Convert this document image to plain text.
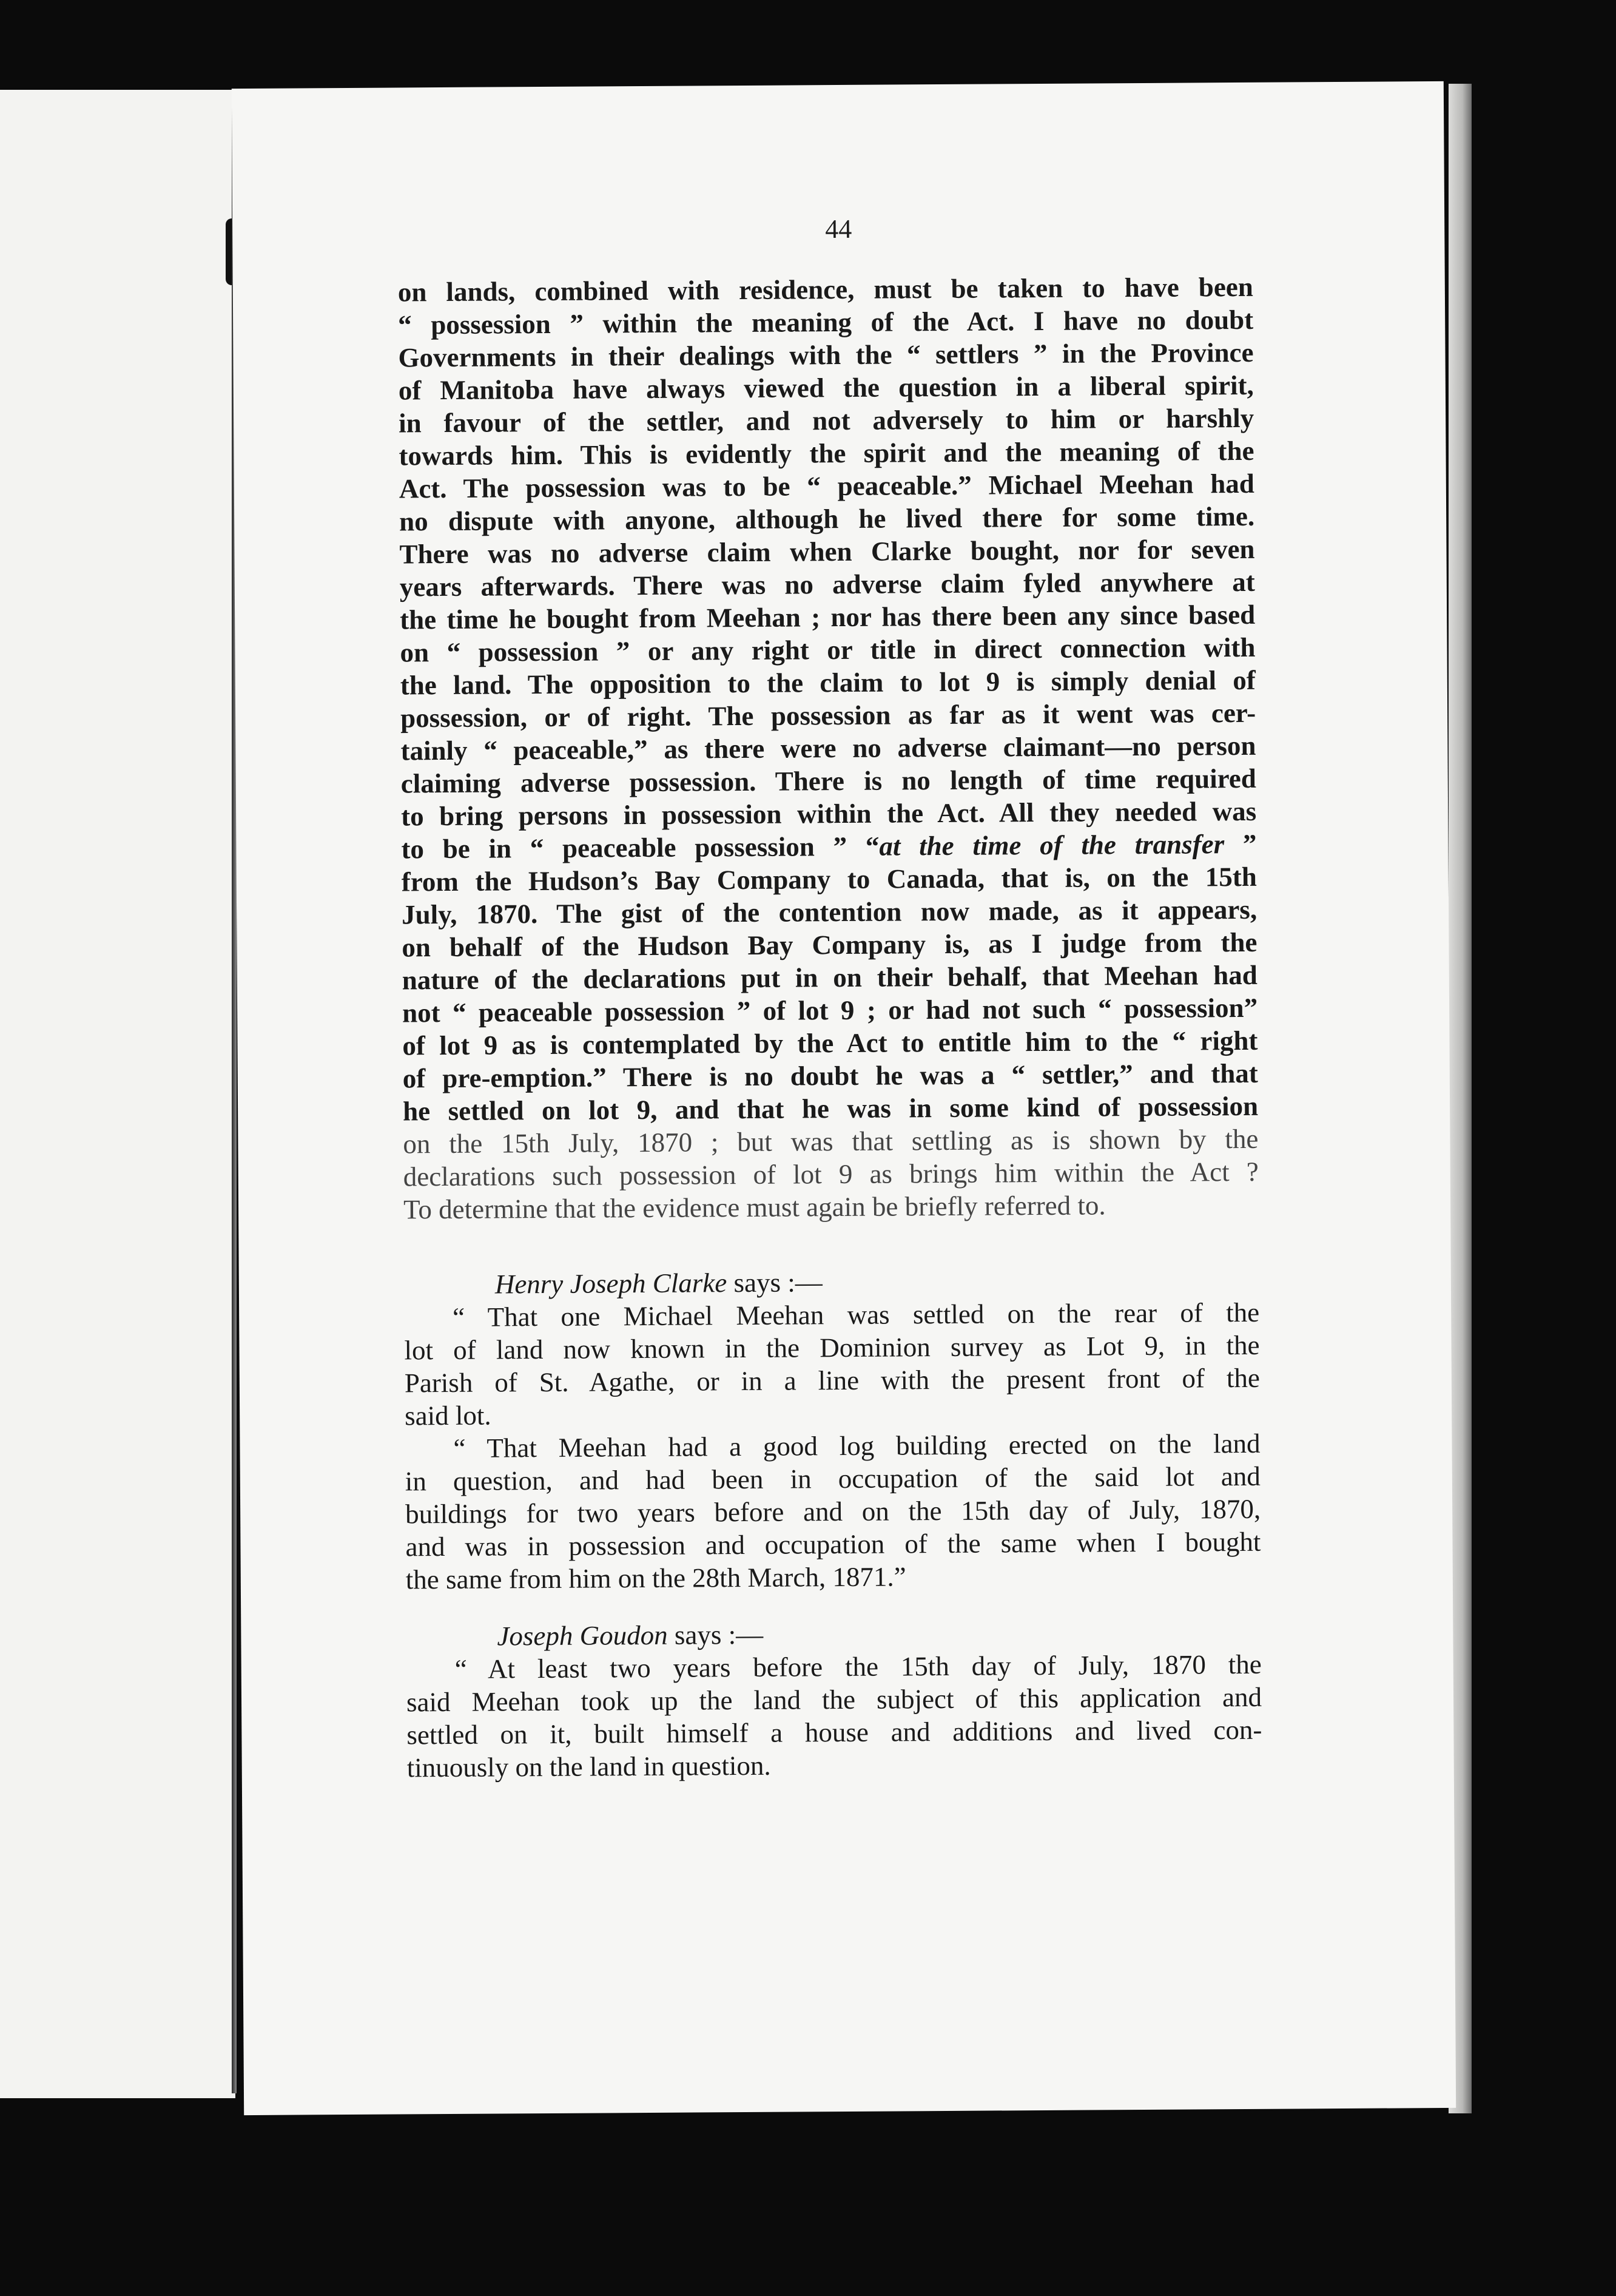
44
on lands, combined with residence, must be taken to have been
“ possession ” within the meaning of the Act. I have no doubt
Governments in their dealings with the “ settlers ” in the Province
of Manitoba have always viewed the question in a liberal spirit,
in favour of the settler, and not adversely to him or harshly
towards him. This is evidently the spirit and the meaning of the
Act. The possession was to be “ peaceable.” Michael Meehan had
no dispute with anyone, although he lived there for some time.
There was no adverse claim when Clarke bought, nor for seven
years afterwards. There was no adverse claim fyled anywhere at
the time he bought from Meehan ; nor has there been any since based
on “ possession ” or any right or title in direct connection with
the land. The opposition to the claim to lot 9 is simply denial of
possession, or of right. The possession as far as it went was cer-
tainly “ peaceable,” as there were no adverse claimant—no person
claiming adverse possession. There is no length of time required
to bring persons in possession within the Act. All they needed was
to be in “ peaceable possession ” “at the time of the transfer ”
from the Hudson’s Bay Company to Canada, that is, on the 15th
July, 1870. The gist of the contention now made, as it appears,
on behalf of the Hudson Bay Company is, as I judge from the
nature of the declarations put in on their behalf, that Meehan had
not “ peaceable possession ” of lot 9 ; or had not such “ possession”
of lot 9 as is contemplated by the Act to entitle him to the “ right
of pre-emption.” There is no doubt he was a “ settler,” and that
he settled on lot 9, and that he was in some kind of possession
on the 15th July, 1870 ; but was that settling as is shown by the
declarations such possession of lot 9 as brings him within the Act ?
To determine that the evidence must again be briefly referred to.
Henry Joseph Clarke says :—
“ That one Michael Meehan was settled on the rear of the
lot of land now known in the Dominion survey as Lot 9, in the
Parish of St. Agathe, or in a line with the present front of the
said lot.
“ That Meehan had a good log building erected on the land
in question, and had been in occupation of the said lot and
buildings for two years before and on the 15th day of July, 1870,
and was in possession and occupation of the same when I bought
the same from him on the 28th March, 1871.”
Joseph Goudon says :—
“ At least two years before the 15th day of July, 1870 the
said Meehan took up the land the subject of this application and
settled on it, built himself a house and additions and lived con-
tinuously on the land in question.
